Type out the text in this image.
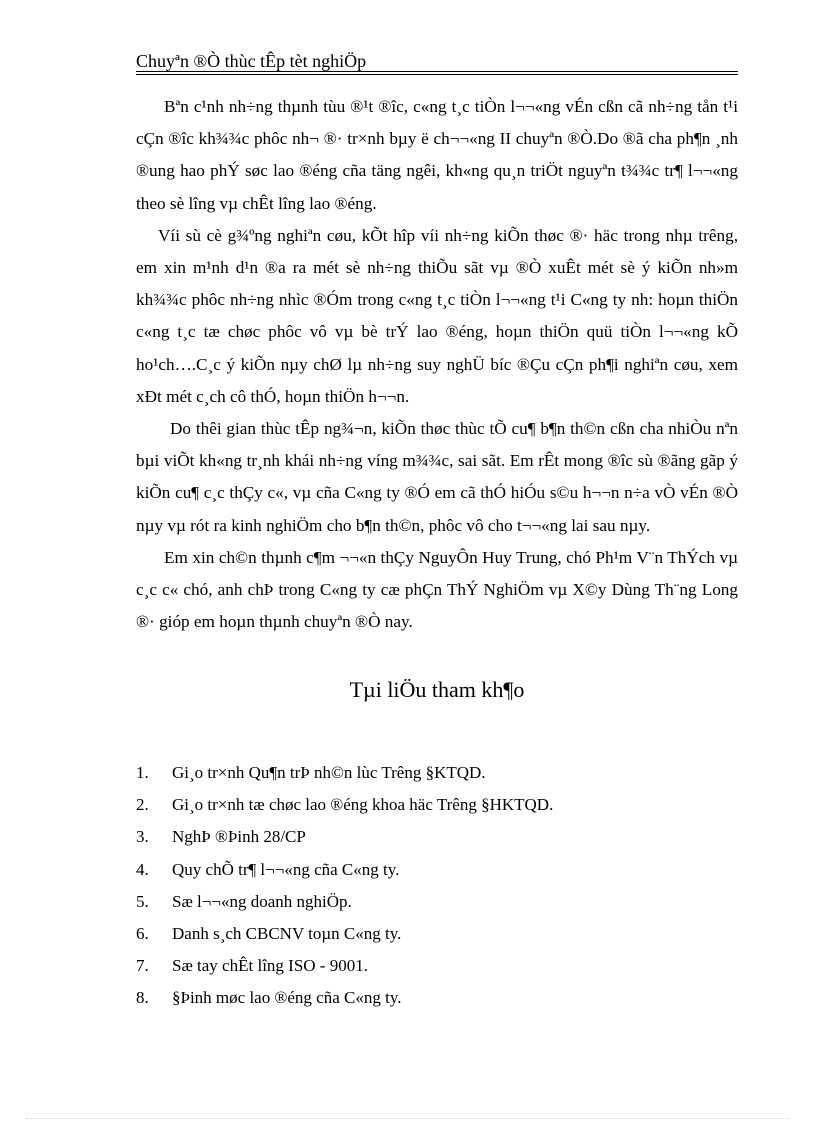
Chuyªn ®Ò thùc tÊp tèt nghiÖp

Bªn c¹nh nh÷ng thµnh tùu ®¹t ®îc, c«ng t¸c tiÒn l¬¬«ng vÉn cßn cã nh÷ng tån t¹i cÇn ®îc kh¾¾c phôc nh¬ ®· tr×nh bµy ë ch¬¬«ng II chuyªn ®Ò.Do ®ã cha ph¶n ¸nh ®ung hao phÝ søc lao ®éng cña täng ngêi, kh«ng qu¸n triÖt nguyªn t¾¾c tr¶ l¬¬«ng theo sè lîng vµ chÊt lîng lao ®éng.

Víi sù cè g¾ºng nghiªn cøu, kÕt hîp víi nh÷ng kiÕn thøc ®· häc trong nhµ trêng, em xin m¹nh d¹n ®a ra mét sè nh÷ng thiÕu sãt vµ ®Ò xuÊt mét sè ý kiÕn nh»m kh¾¾c phôc nh÷ng nhìc ®Óm trong c«ng t¸c tiÒn l¬¬«ng t¹i C«ng ty nh: hoµn thiÖn c«ng t¸c tæ chøc phôc vô vµ bè trÝ lao ®éng, hoµn thiÖn quü tiÒn l¬¬«ng kÕ ho¹ch….C¸c ý kiÕn nµy chØ lµ nh÷ng suy nghÜ bíc ®Çu cÇn ph¶i nghiªn cøu, xem xÐt mét c¸ch cô thÓ, hoµn thiÖn h¬¬n.

Do thêi gian thùc tÊp ng¾¬n, kiÕn thøc thùc tÕ cu¶ b¶n th©n cßn cha nhiÒu nªn bµi viÕt kh«ng tr¸nh khái nh÷ng víng m¾¾c, sai sãt. Em rÊt mong ®îc sù ®ãng gãp ý kiÕn cu¶ c¸c thÇy c«, vµ cña C«ng ty ®Ó em cã thÓ hiÓu s©u h¬¬n n÷a vÒ vÉn ®Ò nµy vµ rót ra kinh nghiÖm cho b¶n th©n, phôc vô cho t¬¬«ng lai sau nµy.

Em xin ch©n thµnh c¶m ¬¬«n thÇy NguyÔn Huy Trung, chó Ph¹m V¨n ThÝch vµ c¸c c« chó, anh chÞ trong C«ng ty cæ phÇn ThÝ NghiÖm vµ X©y Dùng Th¨ng Long ®· gióp em hoµn thµnh chuyªn ®Ò nay.

Tµi liÖu tham kh¶o
1.	Gi¸o tr×nh Qu¶n trÞ nh©n lùc Trêng §KTQD.
2.	Gi¸o tr×nh tæ chøc lao ®éng khoa häc Trêng §HKTQD.
3.	NghÞ ®Þinh 28/CP
4.	Quy chÕ tr¶ l¬¬«ng cña C«ng ty.
5.	Sæ l¬¬«ng doanh nghiÖp.
6.	Danh s¸ch CBCNV toµn C«ng ty.
7.	Sæ tay chÊt lîng ISO - 9001.
8.	§Þinh møc lao ®éng cña C«ng ty.
